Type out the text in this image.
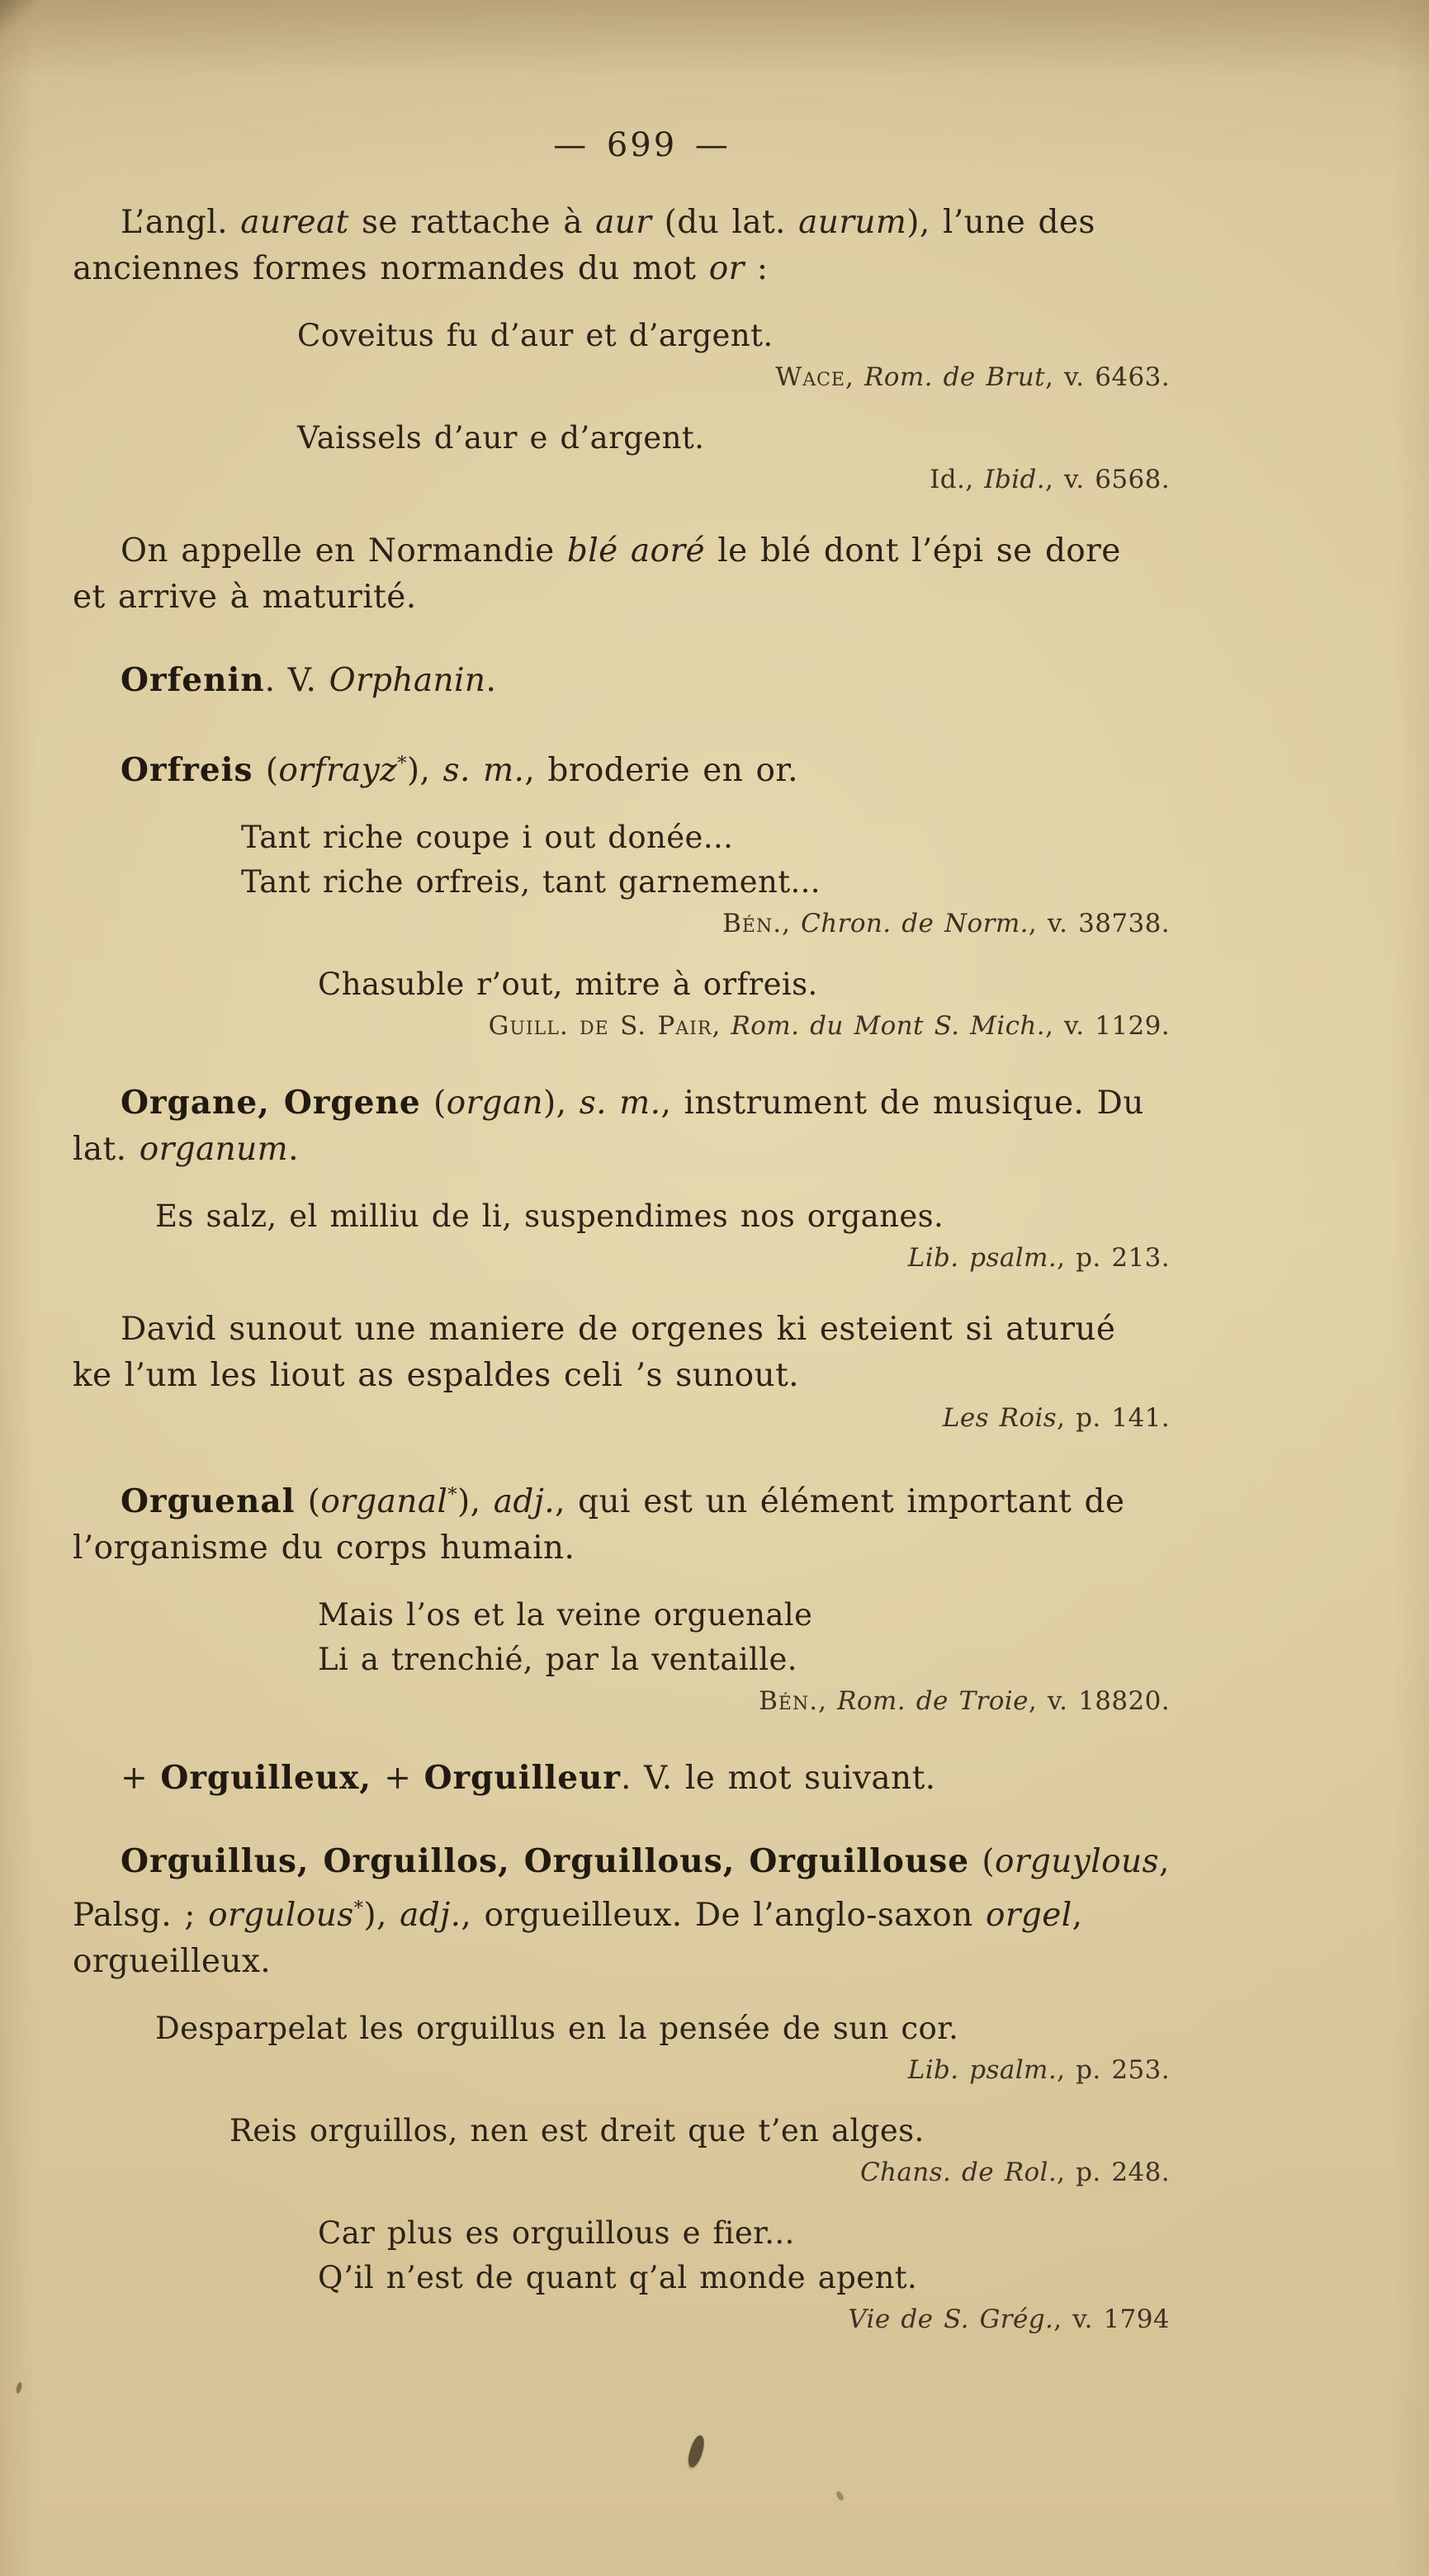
— 699 —
L’angl. aureat se rattache à aur (du lat. aurum), l’une des
anciennes formes normandes du mot or :
Coveitus fu d’aur et d’argent.
Wace, Rom. de Brut, v. 6463.
Vaissels d’aur e d’argent.
Id., Ibid., v. 6568.
On appelle en Normandie blé aoré le blé dont l’épi se dore
et arrive à maturité.
Orfenin. V. Orphanin.
Orfreis (orfrayz*), s. m., broderie en or.
Tant riche coupe i out donée...
Tant riche orfreis, tant garnement...
Bén., Chron. de Norm., v. 38738.
Chasuble r’out, mitre à orfreis.
Guill. de S. Pair, Rom. du Mont S. Mich., v. 1129.
Organe, Orgene (organ), s. m., instrument de musique. Du
lat. organum.
Es salz, el milliu de li, suspendimes nos organes.
Lib. psalm., p. 213.
David sunout une maniere de orgenes ki esteient si aturué
ke l’um les liout as espaldes celi ’s sunout.
Les Rois, p. 141.
Orguenal (organal*), adj., qui est un élément important de
l’organisme du corps humain.
Mais l’os et la veine orguenale
Li a trenchié, par la ventaille.
Bén., Rom. de Troie, v. 18820.
+ Orguilleux, + Orguilleur. V. le mot suivant.
Orguillus, Orguillos, Orguillous, Orguillouse (orguylous,
Palsg. ; orgulous*), adj., orgueilleux. De l’anglo-saxon orgel,
orgueilleux.
Desparpelat les orguillus en la pensée de sun cor.
Lib. psalm., p. 253.
Reis orguillos, nen est dreit que t’en alges.
Chans. de Rol., p. 248.
Car plus es orguillous e fier...
Q’il n’est de quant q’al monde apent.
Vie de S. Grég., v. 1794
